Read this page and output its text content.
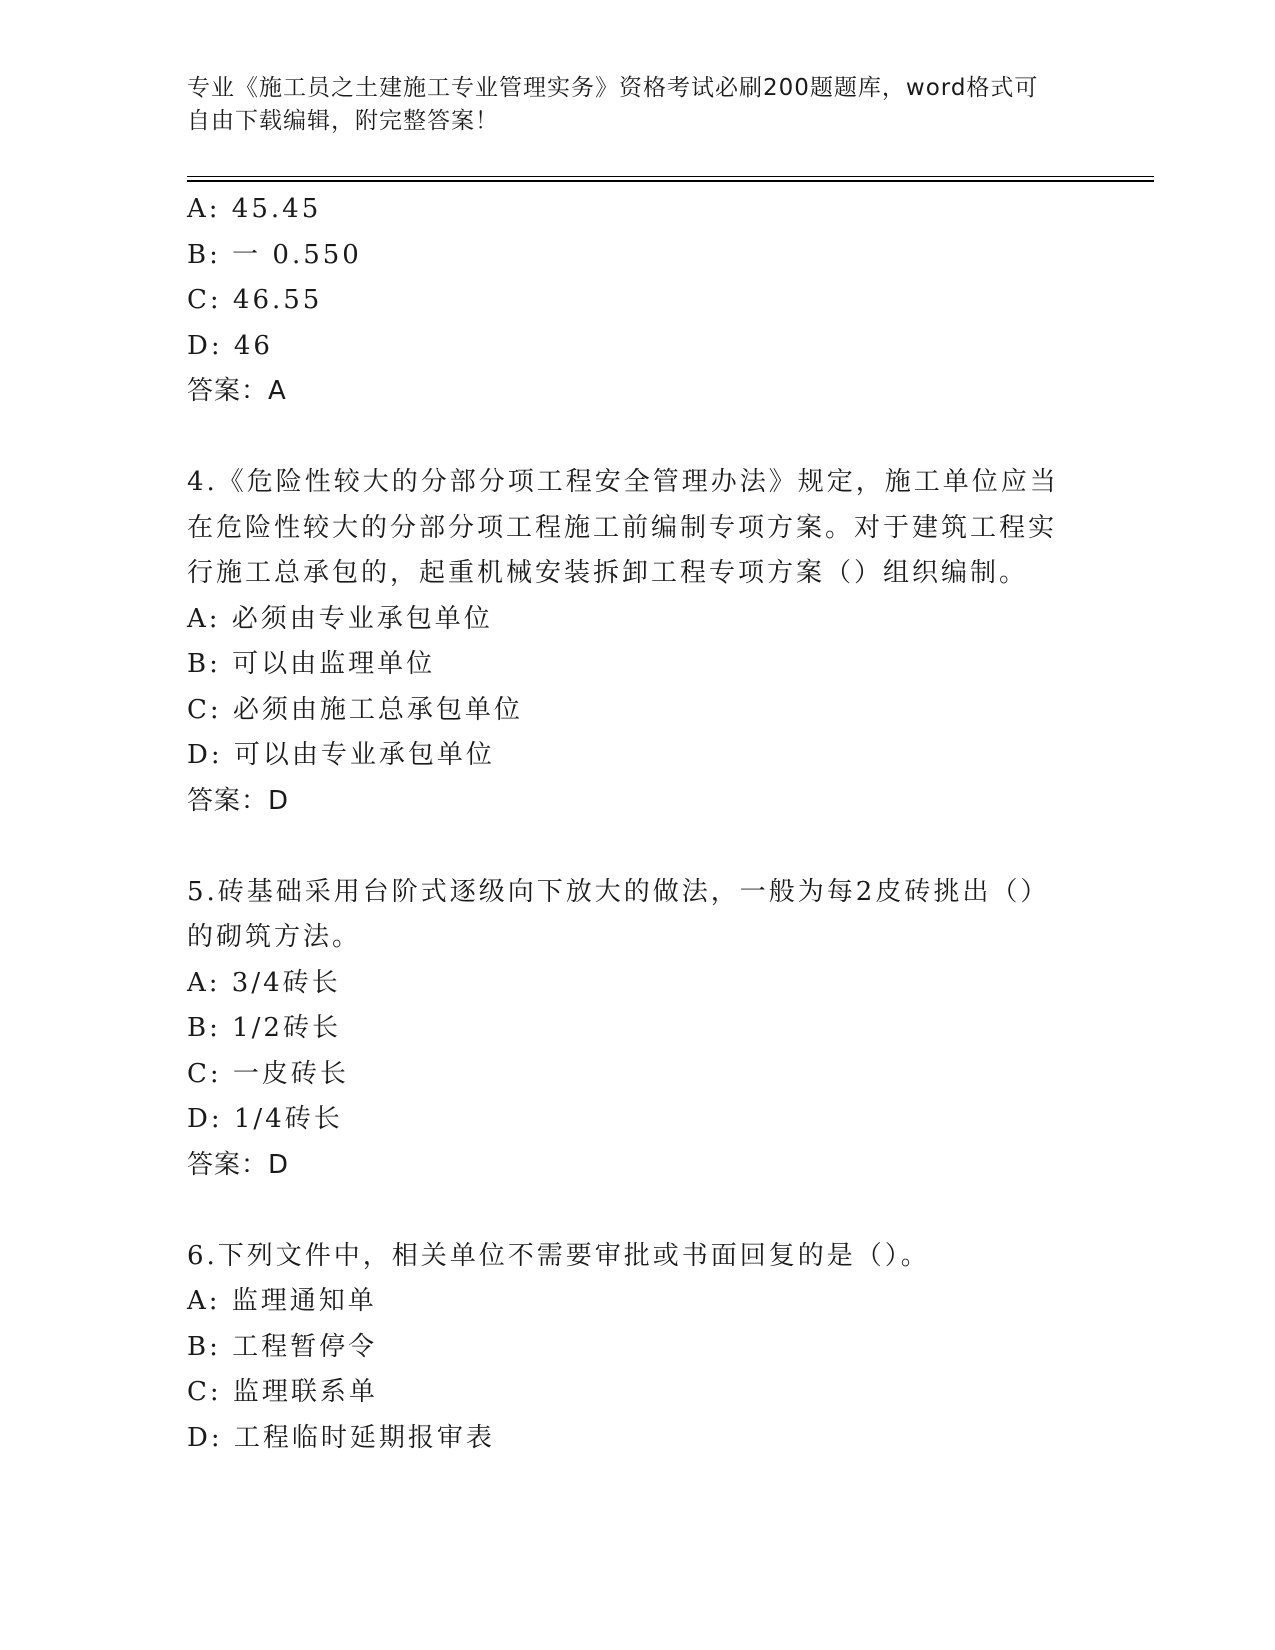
专业《施工员之土建施工专业管理实务》资格考试必刷200题题库，word格式可
自由下载编辑，附完整答案！
A: 45.45
B: 一 0.550
C: 46.55
D: 46
答案：A
4.《危险性较大的分部分项工程安全管理办法》规定，施工单位应当
在危险性较大的分部分项工程施工前编制专项方案。对于建筑工程实
行施工总承包的，起重机械安装拆卸工程专项方案（）组织编制。
A: 必须由专业承包单位
B: 可以由监理单位
C: 必须由施工总承包单位
D: 可以由专业承包单位
答案：D
5.砖基础采用台阶式逐级向下放大的做法，一般为每2皮砖挑出（）
的砌筑方法。
A: 3/4砖长
B: 1/2砖长
C: 一皮砖长
D: 1/4砖长
答案：D
6.下列文件中，相关单位不需要审批或书面回复的是（）。
A: 监理通知单
B: 工程暂停令
C: 监理联系单
D: 工程临时延期报审表
